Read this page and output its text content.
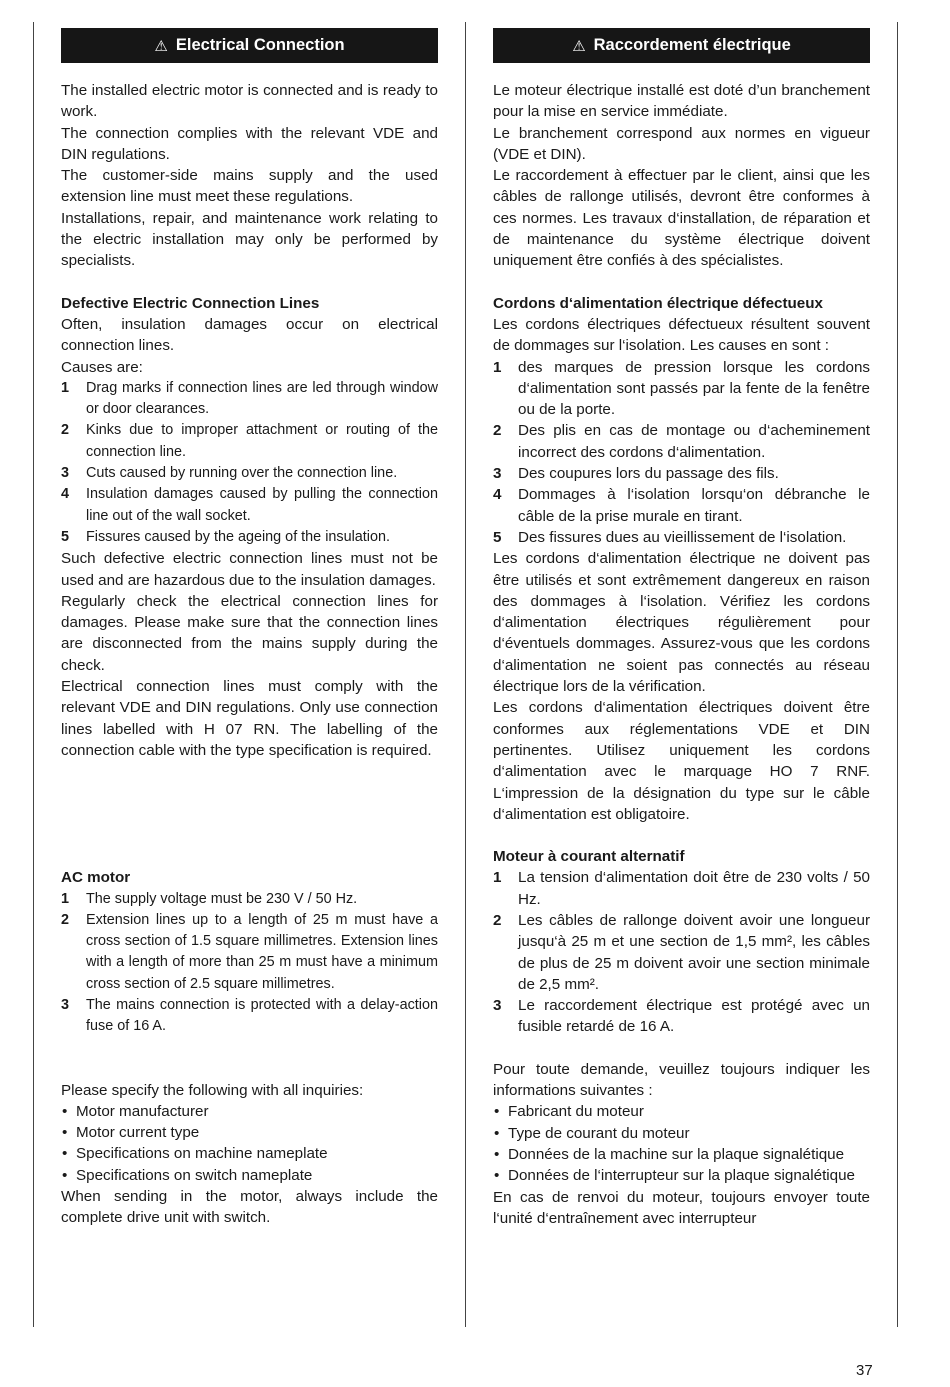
⚠ Electrical Connection

The installed electric motor is connected and is ready to work.

The connection complies with the relevant VDE and DIN regulations.

The customer-side mains supply and the used extension line must meet these regulations.

Installations, repair, and maintenance work relating to the electric installation may only be performed by specialists.

Defective Electric Connection Lines

Often, insulation damages occur on electrical connection lines.

Causes are:

1 Drag marks if connection lines are led through window or door clearances.
2 Kinks due to improper attachment or routing of the connection line.
3 Cuts caused by running over the connection line.
4 Insulation damages caused by pulling the connection line out of the wall socket.
5 Fissures caused by the ageing of the insulation.

Such defective electric connection lines must not be used and are hazardous due to the insulation damages.

Regularly check the electrical connection lines for damages. Please make sure that the connection lines are disconnected from the mains supply during the check.

Electrical connection lines must comply with the relevant VDE and DIN regulations. Only use connection lines labelled with H 07 RN. The labelling of the connection cable with the type specification is required.

AC motor
1 The supply voltage must be 230 V / 50 Hz.
2 Extension lines up to a length of 25 m must have a cross section of 1.5 square millimetres. Extension lines with a length of more than 25 m must have a minimum cross section of 2.5 square millimetres.
3 The mains connection is protected with a delay-action fuse of 16 A.

Please specify the following with all inquiries:

• Motor manufacturer
• Motor current type
• Specifications on machine nameplate
• Specifications on switch nameplate

When sending in the motor, always include the complete drive unit with switch.

⚠ Raccordement électrique

Le moteur électrique installé est doté d’un branchement pour la mise en service immédiate.

Le branchement correspond aux normes en vigueur (VDE et DIN).

Le raccordement à effectuer par le client, ainsi que les câbles de rallonge utilisés, devront être conformes à ces normes. Les travaux d‘installation, de réparation et de maintenance du système électrique doivent uniquement être confiés à des spécialistes.

Cordons d‘alimentation électrique défectueux

Les cordons électriques défectueux résultent souvent de dommages sur l‘isolation. Les causes en sont :

1 des marques de pression lorsque les cordons d‘alimentation sont passés par la fente de la fenêtre ou de la porte.
2 Des plis en cas de montage ou d‘acheminement incorrect des cordons d‘alimentation.
3 Des coupures lors du passage des fils.
4 Dommages à l‘isolation lorsqu‘on débranche le câble de la prise murale en tirant.
5 Des fissures dues au vieillissement de l‘isolation.

Les cordons d‘alimentation électrique ne doivent pas être utilisés et sont extrêmement dangereux en raison des dommages à l‘isolation. Vérifiez les cordons d‘alimentation électriques régulièrement pour d‘éventuels dommages. Assurez-vous que les cordons d‘alimentation ne soient pas connectés au réseau électrique lors de la vérification.

Les cordons d‘alimentation électriques doivent être conformes aux réglementations VDE et DIN pertinentes. Utilisez uniquement les cordons d‘alimentation avec le marquage HO 7 RNF. L‘impression de la désignation du type sur le câble d‘alimentation est obligatoire.

Moteur à courant alternatif
1 La tension d‘alimentation doit être de 230 volts / 50 Hz.
2 Les câbles de rallonge doivent avoir une longueur jusqu‘à 25 m et une section de 1,5 mm², les câbles de plus de 25 m doivent avoir une section minimale de 2,5 mm².
3 Le raccordement électrique est protégé avec un fusible retardé de 16 A.

Pour toute demande, veuillez toujours indiquer les informations suivantes :

• Fabricant du moteur
• Type de courant du moteur
• Données de la machine sur la plaque signalétique
• Données de l‘interrupteur sur la plaque signalétique

En cas de renvoi du moteur, toujours envoyer toute l‘unité d‘entraînement avec interrupteur

37
